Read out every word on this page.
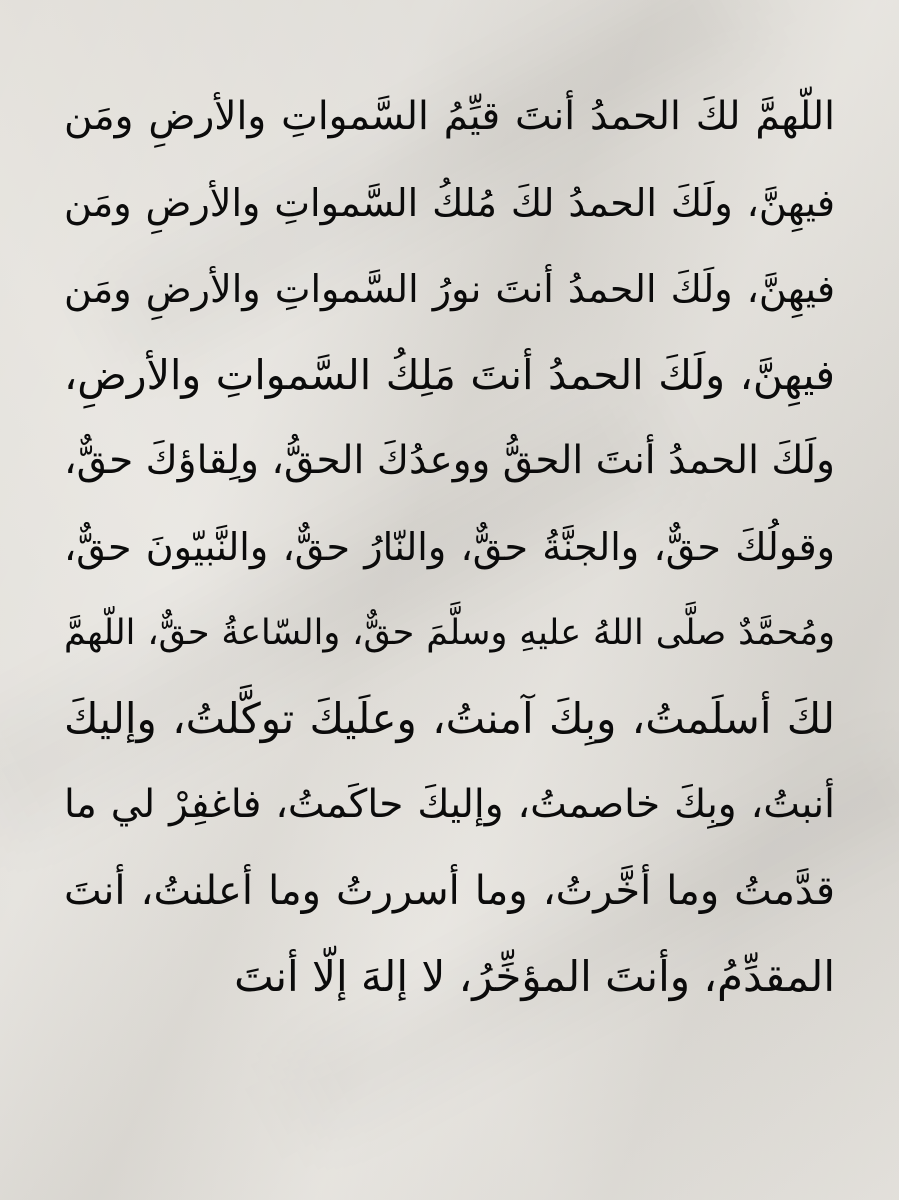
اللّهمَّ لكَ الحمدُ أنتَ قيِّمُ السَّمواتِ والأرضِ ومَن
فيهِنَّ، ولَكَ الحمدُ لكَ مُلكُ السَّمواتِ والأرضِ ومَن
فيهِنَّ، ولَكَ الحمدُ أنتَ نورُ السَّمواتِ والأرضِ ومَن
فيهِنَّ، ولَكَ الحمدُ أنتَ مَلِكُ السَّمواتِ والأرضِ،
ولَكَ الحمدُ أنتَ الحقُّ ووعدُكَ الحقُّ، ولِقاؤكَ حقٌّ،
وقولُكَ حقٌّ، والجنَّةُ حقٌّ، والنّارُ حقٌّ، والنَّبيّونَ حقٌّ،
ومُحمَّدٌ صلَّى اللهُ عليهِ وسلَّمَ حقٌّ، والسّاعةُ حقٌّ، اللّهمَّ
لكَ أسلَمتُ، وبِكَ آمنتُ، وعلَيكَ توكَّلتُ، وإليكَ
أنبتُ، وبِكَ خاصمتُ، وإليكَ حاكَمتُ، فاغفِرْ لي ما
قدَّمتُ وما أخَّرتُ، وما أسررتُ وما أعلنتُ، أنتَ
المقدِّمُ، وأنتَ المؤخِّرُ، لا إلهَ إلّا أنتَ
